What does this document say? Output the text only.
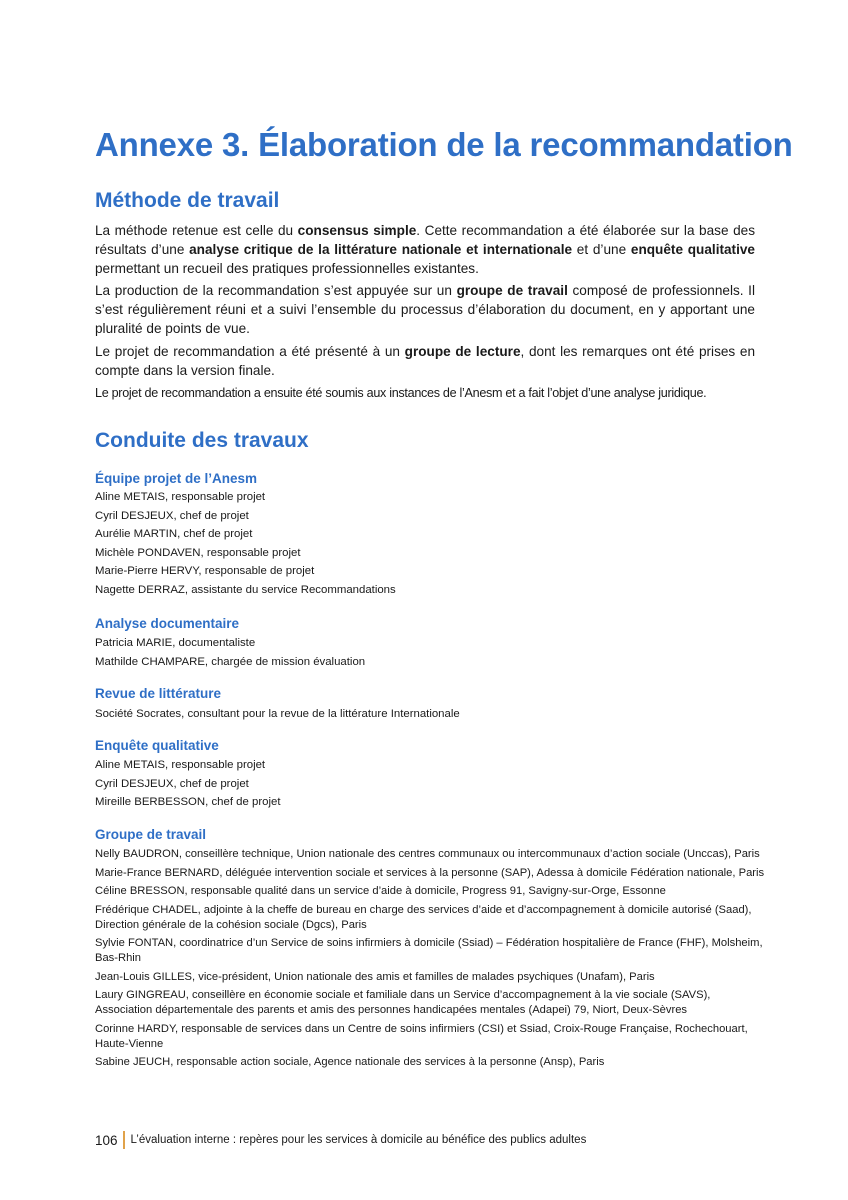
Annexe 3. Élaboration de la recommandation
Méthode de travail

La méthode retenue est celle du consensus simple. Cette recommandation a été élaborée sur la base des résultats d’une analyse critique de la littérature nationale et internationale et d’une enquête qualitative permettant un recueil des pratiques professionnelles existantes.

La production de la recommandation s’est appuyée sur un groupe de travail composé de professionnels. Il s’est régulièrement réuni et a suivi l’ensemble du processus d’élaboration du document, en y apportant une pluralité de points de vue.

Le projet de recommandation a été présenté à un groupe de lecture, dont les remarques ont été prises en compte dans la version finale.

Le projet de recommandation a ensuite été soumis aux instances de l’Anesm et a fait l’objet d’une analyse juridique.

Conduite des travaux
Équipe projet de l’Anesm
Aline METAIS, responsable projet
Cyril DESJEUX, chef de projet
Aurélie MARTIN, chef de projet
Michèle PONDAVEN, responsable projet
Marie-Pierre HERVY, responsable de projet
Nagette DERRAZ, assistante du service Recommandations
Analyse documentaire
Patricia MARIE, documentaliste
Mathilde CHAMPARE, chargée de mission évaluation
Revue de littérature
Société Socrates, consultant pour la revue de la littérature Internationale
Enquête qualitative
Aline METAIS, responsable projet
Cyril DESJEUX, chef de projet
Mireille BERBESSON, chef de projet
Groupe de travail
Nelly BAUDRON, conseillère technique, Union nationale des centres communaux ou intercommunaux d’action sociale (Unccas), Paris
Marie-France BERNARD, déléguée intervention sociale et services à la personne (SAP), Adessa à domicile Fédération nationale, Paris
Céline BRESSON, responsable qualité dans un service d’aide à domicile, Progress 91, Savigny-sur-Orge, Essonne
Frédérique CHADEL, adjointe à la cheffe de bureau en charge des services d’aide et d’accompagnement à domicile autorisé (Saad), Direction générale de la cohésion sociale (Dgcs), Paris
Sylvie FONTAN, coordinatrice d’un Service de soins infirmiers à domicile (Ssiad) – Fédération hospitalière de France (FHF), Molsheim, Bas-Rhin
Jean-Louis GILLES, vice-président, Union nationale des amis et familles de malades psychiques (Unafam), Paris
Laury GINGREAU, conseillère en économie sociale et familiale dans un Service d’accompagnement à la vie sociale (SAVS), Association départementale des parents et amis des personnes handicapées mentales (Adapei) 79, Niort, Deux-Sèvres
Corinne HARDY, responsable de services dans un Centre de soins infirmiers (CSI) et Ssiad, Croix-Rouge Française, Rochechouart, Haute-Vienne
Sabine JEUCH, responsable action sociale, Agence nationale des services à la personne (Ansp), Paris
106	L’évaluation interne : repères pour les services à domicile au bénéfice des publics adultes
